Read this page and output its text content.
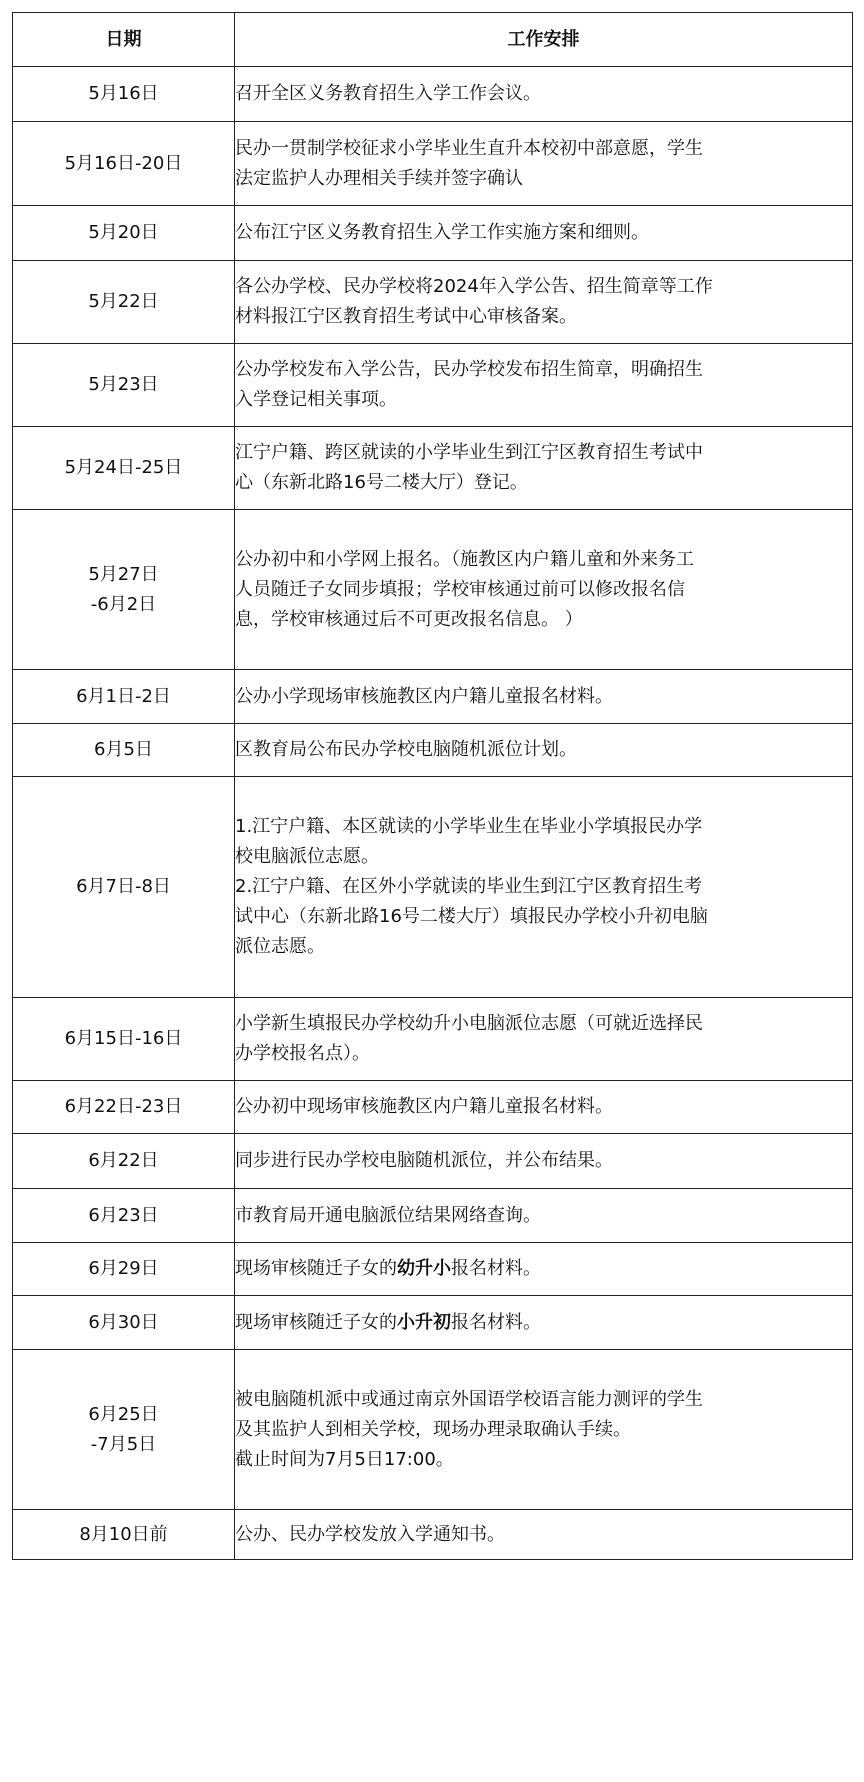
日期	工作安排

5月16日	召开全区义务教育招生入学工作会议。

5月16日-20日	民办一贯制学校征求小学毕业生直升本校初中部意愿，学生
法定监护人办理相关手续并签字确认

5月20日	公布江宁区义务教育招生入学工作实施方案和细则。

5月22日	各公办学校、民办学校将2024年入学公告、招生简章等工作
材料报江宁区教育招生考试中心审核备案。

5月23日	公办学校发布入学公告，民办学校发布招生简章，明确招生
入学登记相关事项。

5月24日-25日	江宁户籍、跨区就读的小学毕业生到江宁区教育招生考试中
心（东新北路16号二楼大厅）登记。

5月27日
-6月2日	公办初中和小学网上报名。（施教区内户籍儿童和外来务工
人员随迁子女同步填报；学校审核通过前可以修改报名信
息，学校审核通过后不可更改报名信息。 ）

6月1日-2日	公办小学现场审核施教区内户籍儿童报名材料。

6月5日	区教育局公布民办学校电脑随机派位计划。

6月7日-8日	1.江宁户籍、本区就读的小学毕业生在毕业小学填报民办学
校电脑派位志愿。
2.江宁户籍、在区外小学就读的毕业生到江宁区教育招生考
试中心（东新北路16号二楼大厅）填报民办学校小升初电脑
派位志愿。

6月15日-16日	小学新生填报民办学校幼升小电脑派位志愿（可就近选择民
办学校报名点）。

6月22日-23日	公办初中现场审核施教区内户籍儿童报名材料。

6月22日	同步进行民办学校电脑随机派位，并公布结果。

6月23日	市教育局开通电脑派位结果网络查询。

6月29日	现场审核随迁子女的幼升小报名材料。

6月30日	现场审核随迁子女的小升初报名材料。

6月25日
-7月5日	被电脑随机派中或通过南京外国语学校语言能力测评的学生
及其监护人到相关学校，现场办理录取确认手续。
截止时间为7月5日17:00。

8月10日前	公办、民办学校发放入学通知书。
